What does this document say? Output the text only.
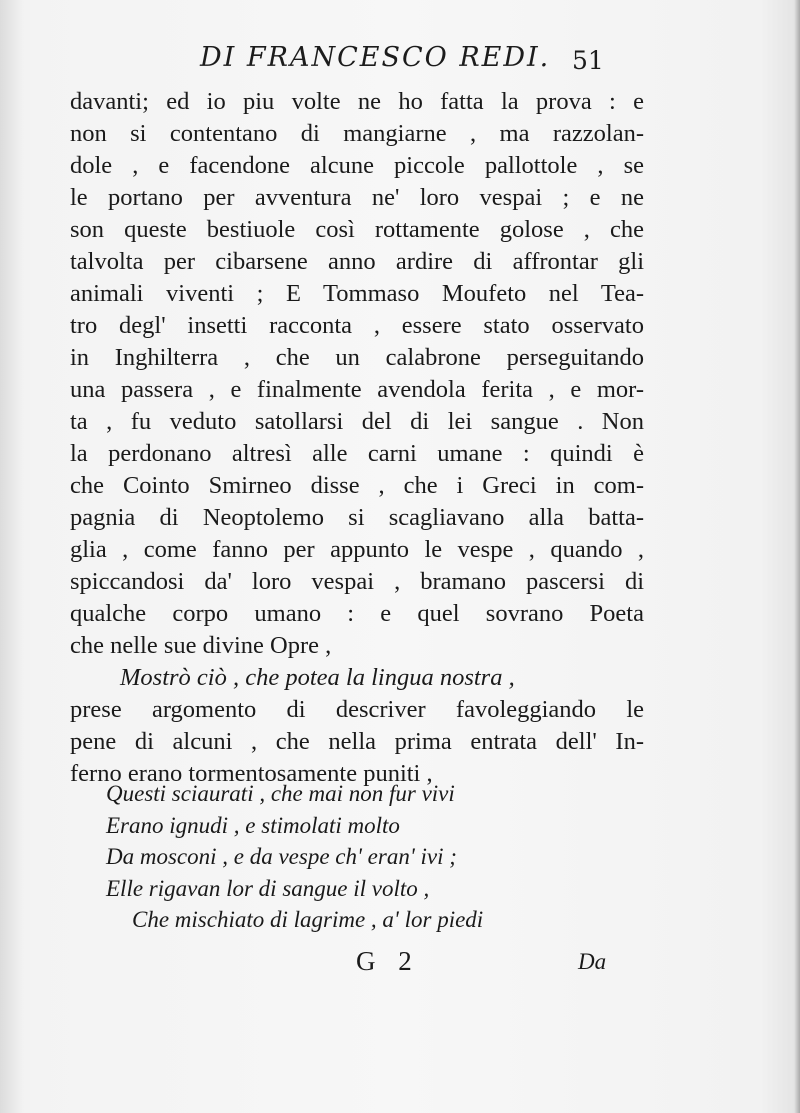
DI FRANCESCO REDI. 51
davanti; ed io piu volte ne ho fatta la prova : e
non si contentano di mangiarne , ma razzolan-
dole , e facendone alcune piccole pallottole , se
le portano per avventura ne' loro vespai ; e ne
son queste bestiuole così rottamente golose , che
talvolta per cibarsene anno ardire di affrontar gli
animali viventi ; E Tommaso Moufeto nel Tea-
tro degl' insetti racconta , essere stato osservato
in Inghilterra , che un calabrone perseguitando
una passera , e finalmente avendola ferita , e mor-
ta , fu veduto satollarsi del di lei sangue . Non
la perdonano altresì alle carni umane : quindi è
che Cointo Smirneo disse , che i Greci in com-
pagnia di Neoptolemo si scagliavano alla batta-
glia , come fanno per appunto le vespe , quando ,
spiccandosi da' loro vespai , bramano pascersi di
qualche corpo umano : e quel sovrano Poeta
che nelle sue divine Opre ,
Mostrò ciò , che potea la lingua nostra ,
prese argomento di descriver favoleggiando le
pene di alcuni , che nella prima entrata dell' In-
ferno erano tormentosamente puniti ,
Questi sciaurati , che mai non fur vivi
Erano ignudi , e stimolati molto
Da mosconi , e da vespe ch' eran' ivi ;
Elle rigavan lor di sangue il volto ,
Che mischiato di lagrime , a' lor piedi
G 2	Da
